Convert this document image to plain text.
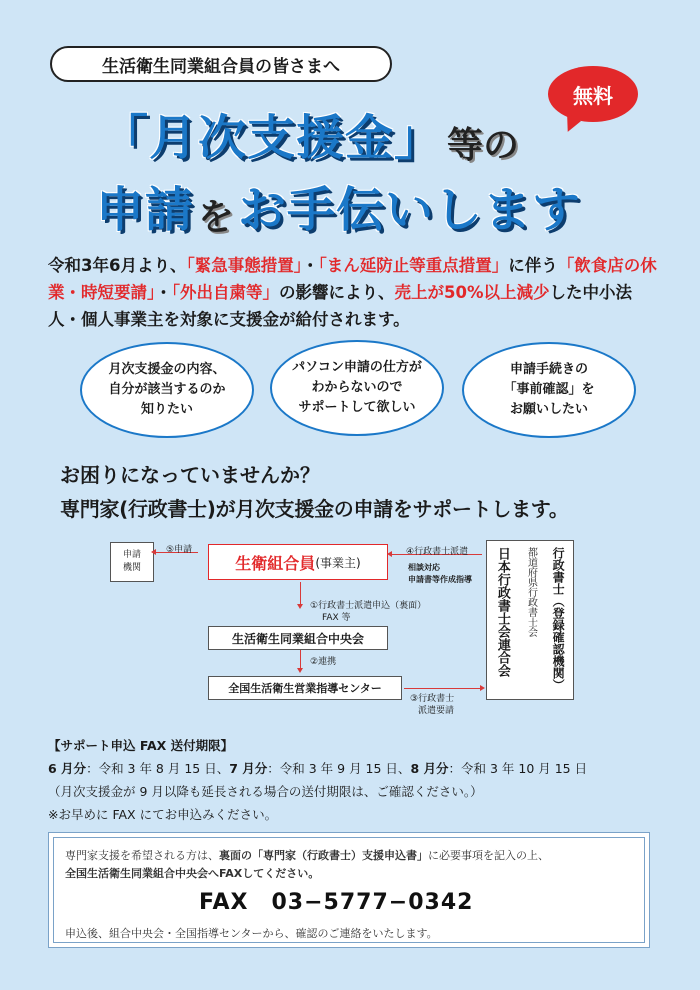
生活衛生同業組合員の皆さまへ
無料
「月次支援金」 等の
申請 を お手伝いします

令和3年6月より、「緊急事態措置」・「まん延防止等重点措置」に伴う「飲食店の休業・時短要請」・「外出自粛等」の影響により、売上が50%以上減少した中小法人・個人事業主を対象に支援金が給付されます。

月次支援金の内容、
自分が該当するのか
知りたい
パソコン申請の仕方が
わからないので
サポートして欲しい
申請手続きの
「事前確認」を
お願いしたい
お困りになっていませんか？
専門家(行政書士)が月次支援金の申請をサポートします。
申請
機関
⑤申請
生衛組合員 (事業主)
④行政書士派遣
相談対応
申請書等作成指導
①行政書士派遣申込（裏面）
FAX 等
生活衛生同業組合中央会
②連携
全国生活衛生営業指導センター
③行政書士
派遣要請
日本行政書士会連合会 都道府県行政書士会 行政書士（登録確認機関）
【サポート申込 FAX 送付期限】
6 月分：令和 3 年 8 月 15 日、7 月分：令和 3 年 9 月 15 日、8 月分：令和 3 年 10 月 15 日
（月次支援金が 9 月以降も延長される場合の送付期限は、ご確認ください。）
※お早めに FAX にてお申込みください。
専門家支援を希望される方は、裏面の「専門家（行政書士）支援申込書」に必要事項を記入の上、
全国生活衛生同業組合中央会へFAXしてください。
FAX　03−5777−0342
申込後、組合中央会・全国指導センターから、確認のご連絡をいたします。
